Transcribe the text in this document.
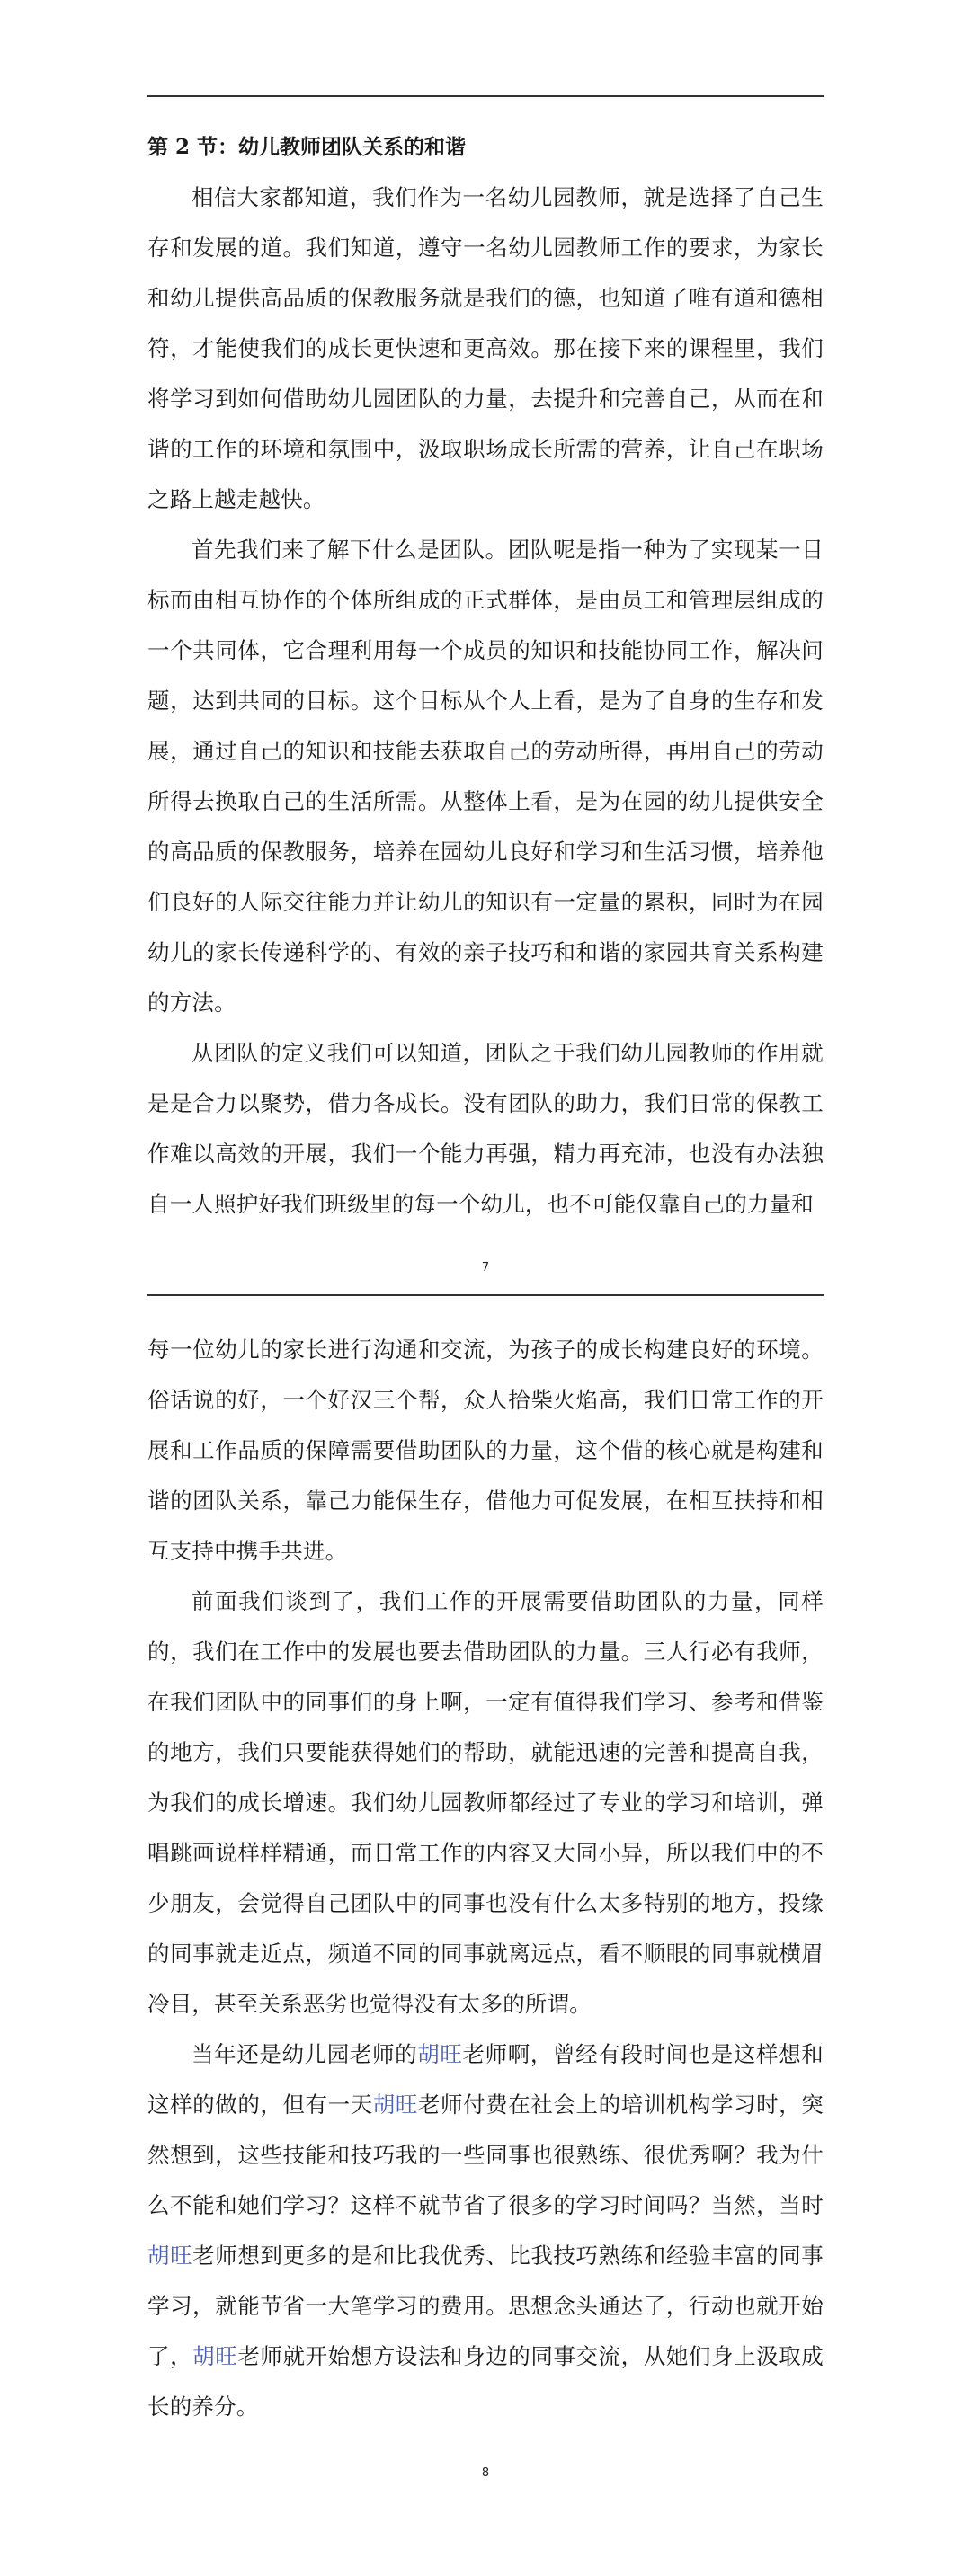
第 2 节：幼儿教师团队关系的和谐

相信大家都知道，我们作为一名幼儿园教师，就是选择了自己生存和发展的道。我们知道，遵守一名幼儿园教师工作的要求，为家长和幼儿提供高品质的保教服务就是我们的德，也知道了唯有道和德相符，才能使我们的成长更快速和更高效。那在接下来的课程里，我们将学习到如何借助幼儿园团队的力量，去提升和完善自己，从而在和谐的工作的环境和氛围中，汲取职场成长所需的营养，让自己在职场之路上越走越快。

首先我们来了解下什么是团队。团队呢是指一种为了实现某一目标而由相互协作的个体所组成的正式群体，是由员工和管理层组成的一个共同体，它合理利用每一个成员的知识和技能协同工作，解决问题，达到共同的目标。这个目标从个人上看，是为了自身的生存和发展，通过自己的知识和技能去获取自己的劳动所得，再用自己的劳动所得去换取自己的生活所需。从整体上看，是为在园的幼儿提供安全的高品质的保教服务，培养在园幼儿良好和学习和生活习惯，培养他们良好的人际交往能力并让幼儿的知识有一定量的累积，同时为在园幼儿的家长传递科学的、有效的亲子技巧和和谐的家园共育关系构建的方法。

从团队的定义我们可以知道，团队之于我们幼儿园教师的作用就是是合力以聚势，借力各成长。没有团队的助力，我们日常的保教工作难以高效的开展，我们一个能力再强，精力再充沛，也没有办法独自一人照护好我们班级里的每一个幼儿，也不可能仅靠自己的力量和

7

每一位幼儿的家长进行沟通和交流，为孩子的成长构建良好的环境。俗话说的好，一个好汉三个帮，众人拾柴火焰高，我们日常工作的开展和工作品质的保障需要借助团队的力量，这个借的核心就是构建和谐的团队关系，靠己力能保生存，借他力可促发展，在相互扶持和相互支持中携手共进。

前面我们谈到了，我们工作的开展需要借助团队的力量，同样的，我们在工作中的发展也要去借助团队的力量。三人行必有我师，在我们团队中的同事们的身上啊，一定有值得我们学习、参考和借鉴的地方，我们只要能获得她们的帮助，就能迅速的完善和提高自我，为我们的成长增速。我们幼儿园教师都经过了专业的学习和培训，弹唱跳画说样样精通，而日常工作的内容又大同小异，所以我们中的不少朋友，会觉得自己团队中的同事也没有什么太多特别的地方，投缘的同事就走近点，频道不同的同事就离远点，看不顺眼的同事就横眉冷目，甚至关系恶劣也觉得没有太多的所谓。

当年还是幼儿园老师的胡旺老师啊，曾经有段时间也是这样想和这样的做的，但有一天胡旺老师付费在社会上的培训机构学习时，突然想到，这些技能和技巧我的一些同事也很熟练、很优秀啊？我为什么不能和她们学习？这样不就节省了很多的学习时间吗？当然，当时胡旺老师想到更多的是和比我优秀、比我技巧熟练和经验丰富的同事学习，就能节省一大笔学习的费用。思想念头通达了，行动也就开始了，胡旺老师就开始想方设法和身边的同事交流，从她们身上汲取成长的养分。

8
